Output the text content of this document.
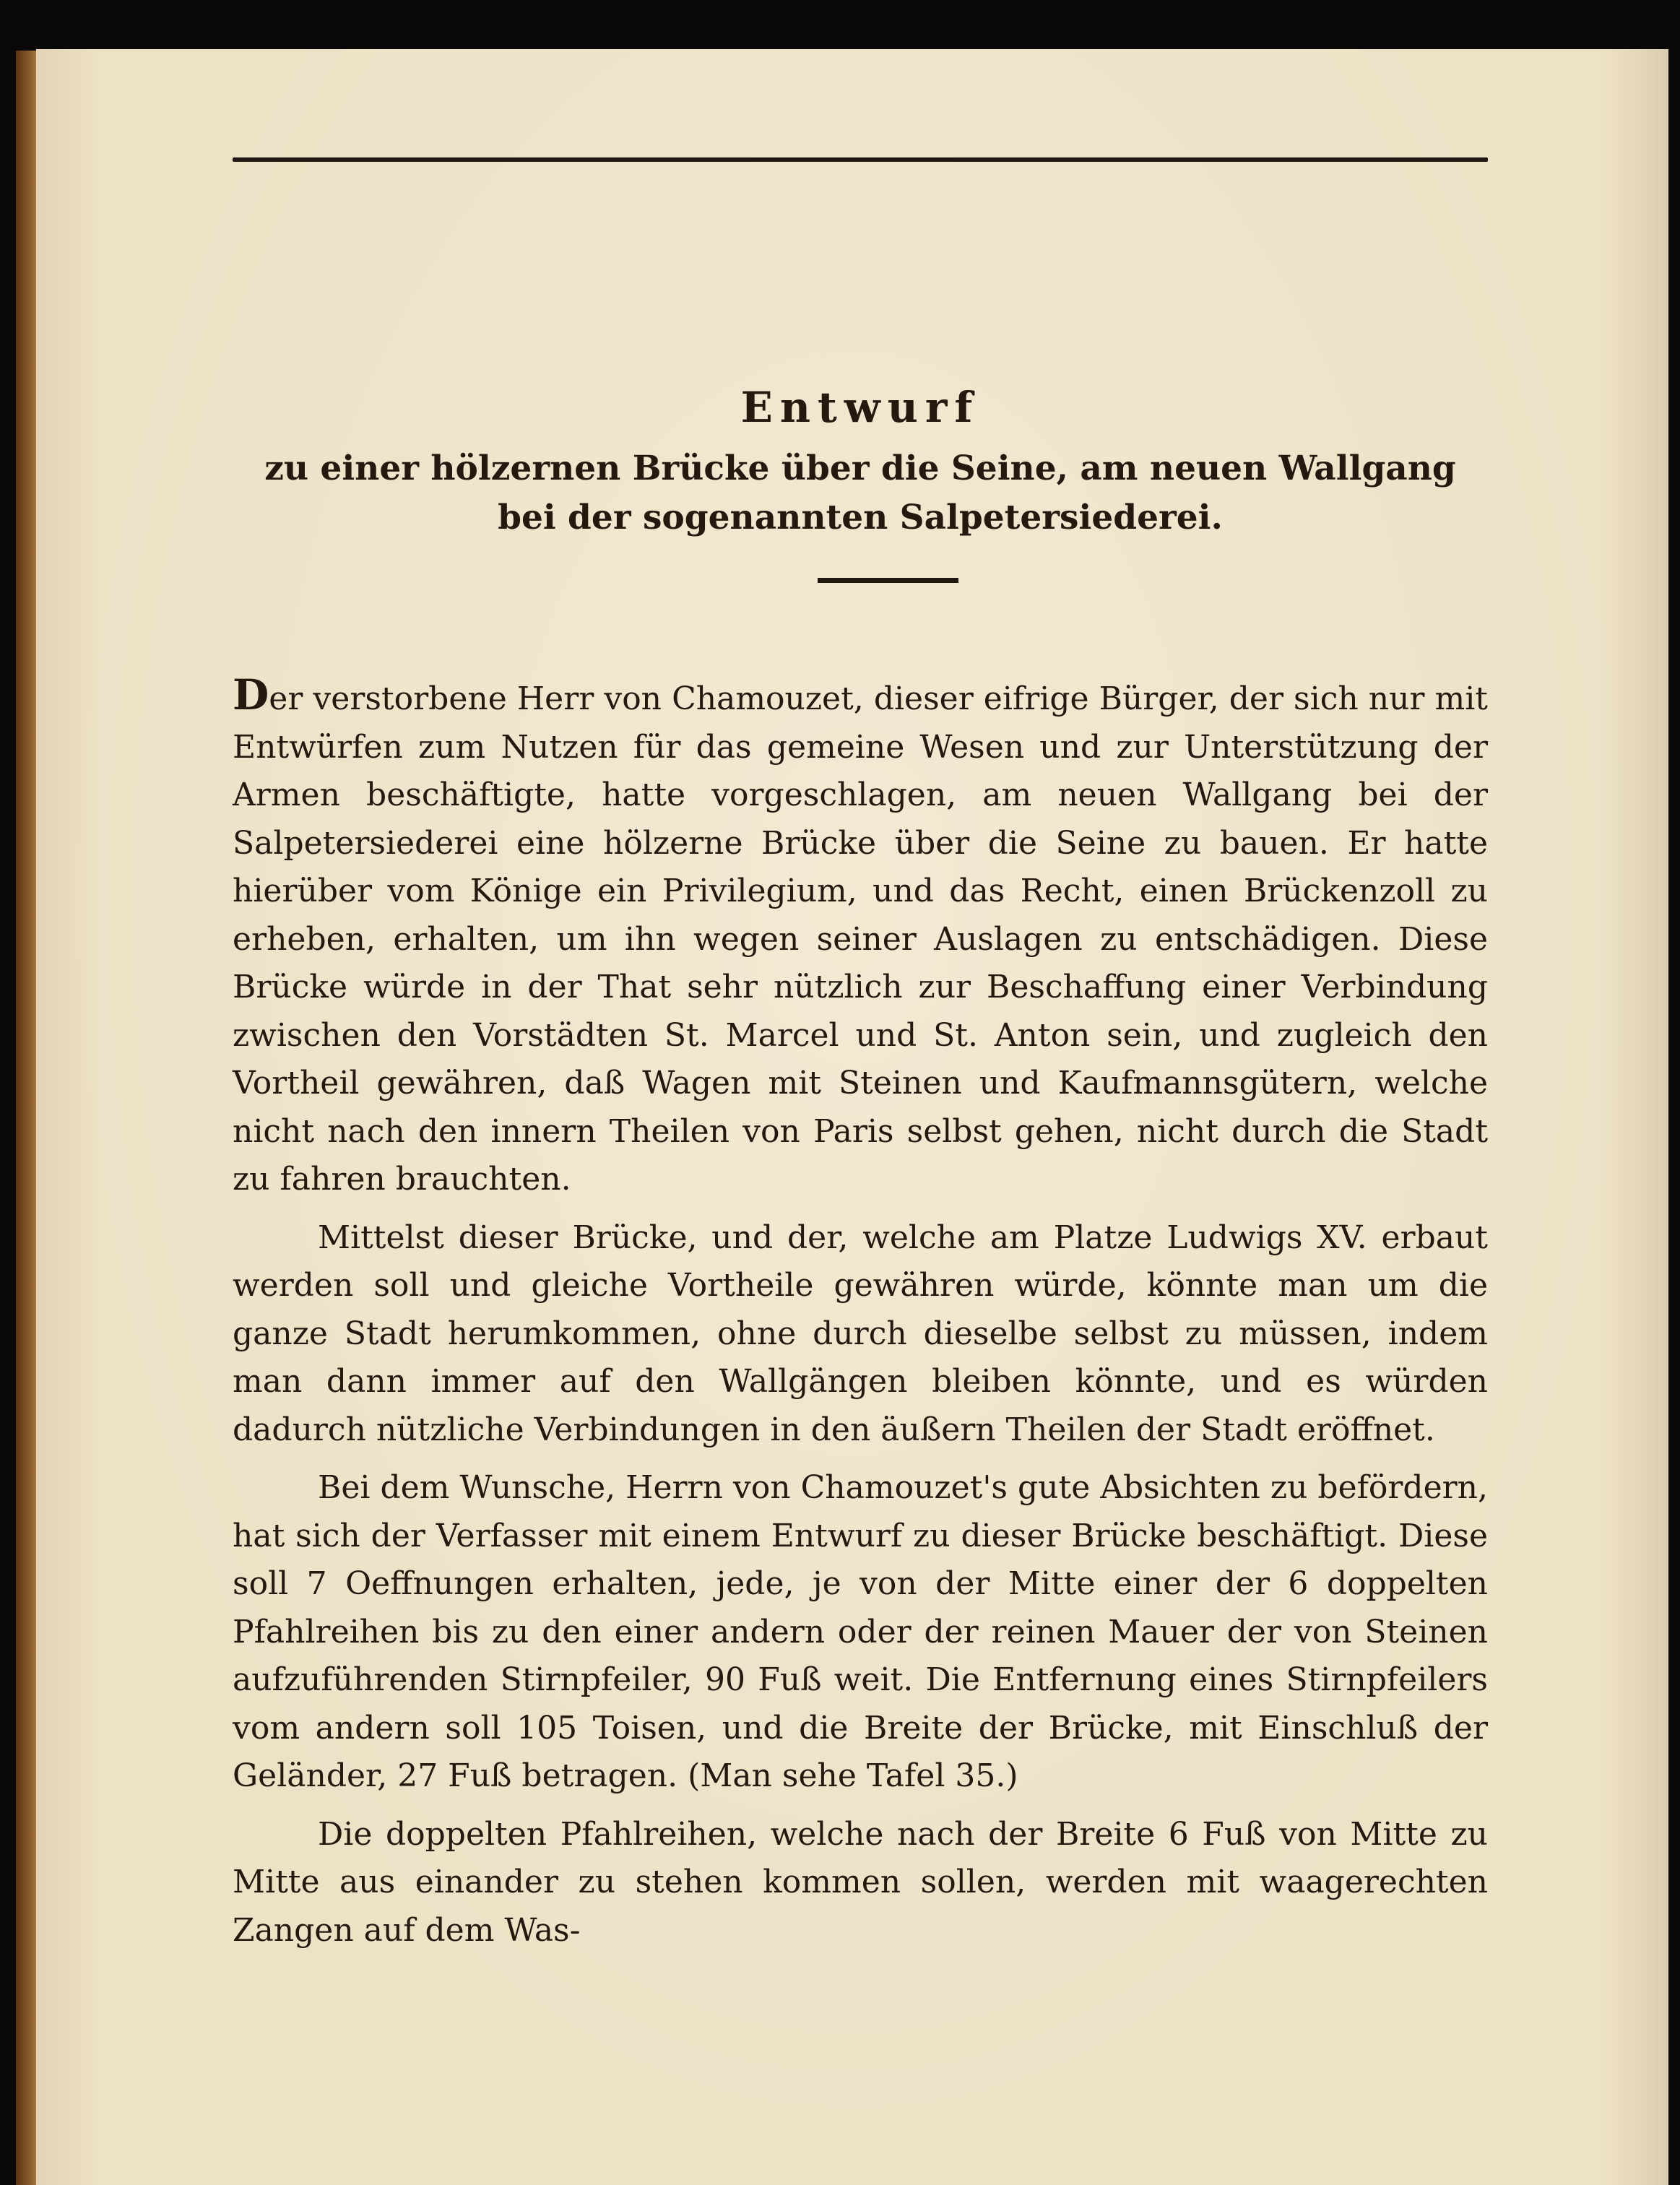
Entwurf
zu einer hölzernen Brücke über die Seine, am neuen Wallgang bei der sogenannten Salpetersiederei.

Der verstorbene Herr von Chamouzet, dieser eifrige Bürger, der sich nur mit Entwürfen zum Nutzen für das gemeine Wesen und zur Unterstützung der Armen beschäftigte, hatte vorgeschlagen, am neuen Wallgang bei der Salpetersiederei eine hölzerne Brücke über die Seine zu bauen. Er hatte hierüber vom Könige ein Privilegium, und das Recht, einen Brückenzoll zu erheben, erhalten, um ihn wegen seiner Auslagen zu entschädigen. Diese Brücke würde in der That sehr nützlich zur Beschaffung einer Verbindung zwischen den Vorstädten St. Marcel und St. Anton sein, und zugleich den Vortheil gewähren, daß Wagen mit Steinen und Kaufmannsgütern, welche nicht nach den innern Theilen von Paris selbst gehen, nicht durch die Stadt zu fahren brauchten.

Mittelst dieser Brücke, und der, welche am Platze Ludwigs XV. erbaut werden soll und gleiche Vortheile gewähren würde, könnte man um die ganze Stadt herumkommen, ohne durch dieselbe selbst zu müssen, indem man dann immer auf den Wallgängen bleiben könnte, und es würden dadurch nützliche Verbindungen in den äußern Theilen der Stadt eröffnet.

Bei dem Wunsche, Herrn von Chamouzet's gute Absichten zu befördern, hat sich der Verfasser mit einem Entwurf zu dieser Brücke beschäftigt. Diese soll 7 Oeffnungen erhalten, jede, je von der Mitte einer der 6 doppelten Pfahlreihen bis zu den einer andern oder der reinen Mauer der von Steinen aufzuführenden Stirnpfeiler, 90 Fuß weit. Die Entfernung eines Stirnpfeilers vom andern soll 105 Toisen, und die Breite der Brücke, mit Einschluß der Geländer, 27 Fuß betragen. (Man sehe Tafel 35.)

Die doppelten Pfahlreihen, welche nach der Breite 6 Fuß von Mitte zu Mitte aus einander zu stehen kommen sollen, werden mit waagerechten Zangen auf dem Was-
